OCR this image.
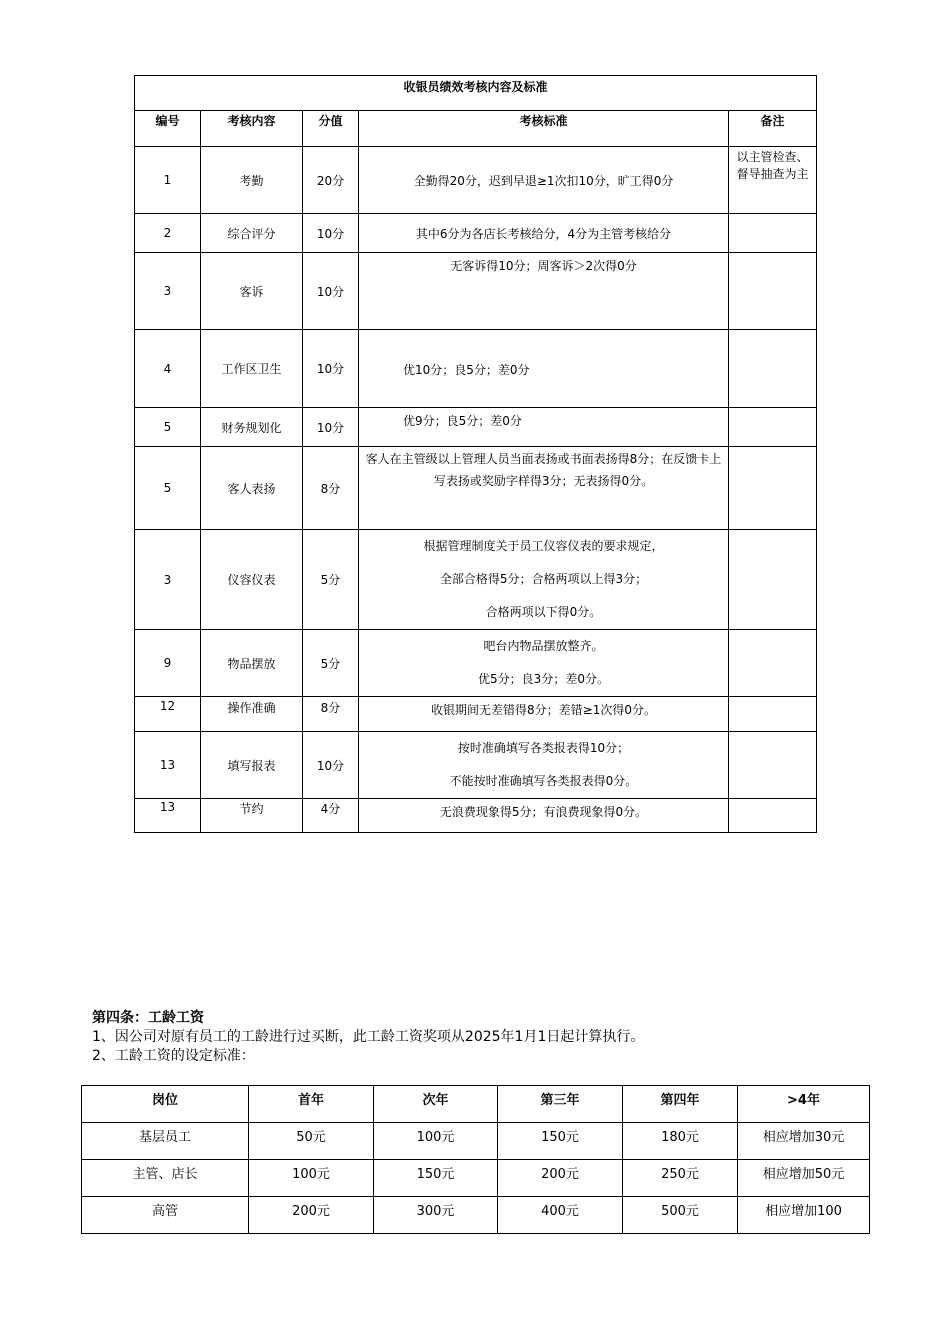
收银员绩效考核内容及标准				
编号	考核内容	分值	考核标准	备注
1	考勤	20分	全勤得20分，迟到早退≥1次扣10分，旷工得0分	以主管检查、督导抽查为主
2	综合评分	10分	其中6分为各店长考核给分，4分为主管考核给分	

3	客诉	10分	无客诉得10分；周客诉＞2次得0分	

4	工作区卫生	10分	优10分；良5分；差0分	

5	财务规划化	10分	优9分；良5分；差0分	

5	客人表扬	8分	客人在主管级以上管理人员当面表扬或书面表扬得8分；在反馈卡上写表扬或奖励字样得3分；无表扬得0分。	

3	仪容仪表	5分	根据管理制度关于员工仪容仪表的要求规定，
全部合格得5分；合格两项以上得3分；
合格两项以下得0分。	

9	物品摆放	5分	吧台内物品摆放整齐。
优5分；良3分；差0分。	

12	操作准确	8分	收银期间无差错得8分；差错≥1次得0分。	

13	填写报表	10分	按时准确填写各类报表得10分；
不能按时准确填写各类报表得0分。	

13	节约	4分	无浪费现象得5分；有浪费现象得0分。	

第四条：工龄工资
1、因公司对原有员工的工龄进行过买断，此工龄工资奖项从2025年1月1日起计算执行。
2、工龄工资的设定标准：
岗位	首年	次年	第三年	第四年	>4年
基层员工	50元	100元	150元	180元	相应增加30元
主管、店长	100元	150元	200元	250元	相应增加50元
高管	200元	300元	400元	500元	相应增加100
